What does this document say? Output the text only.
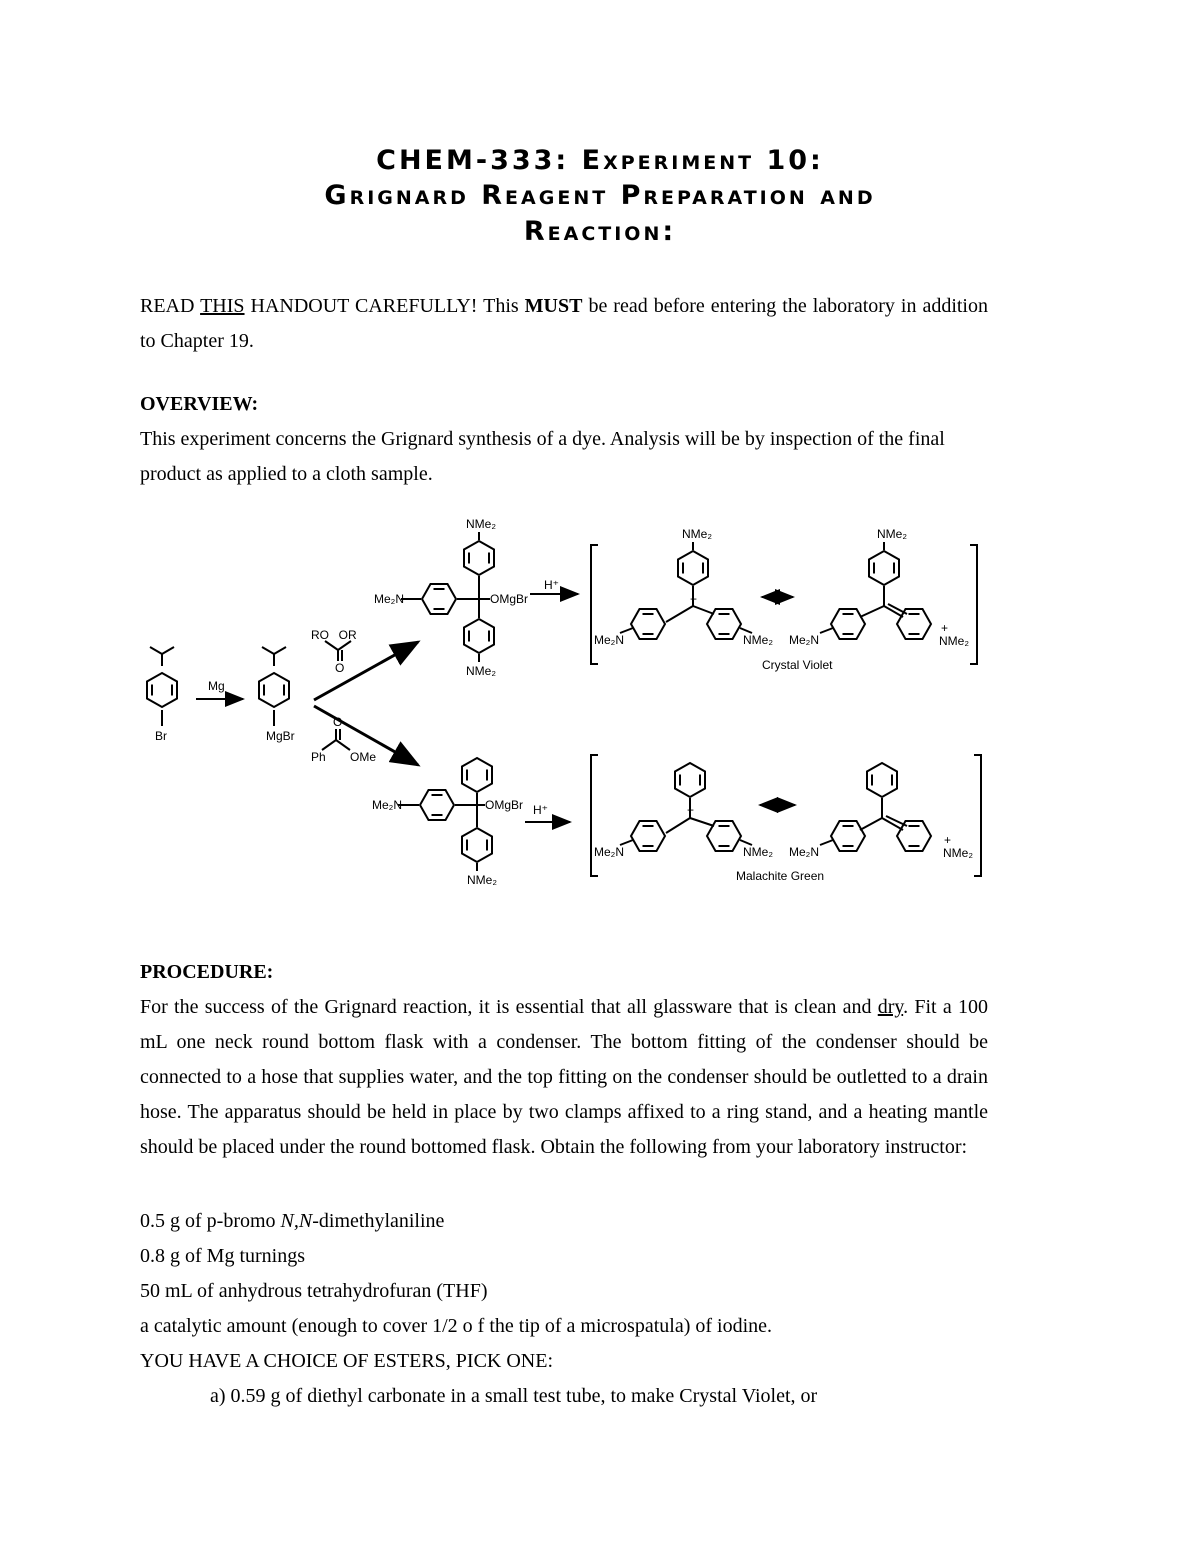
CHEM-333: Experiment 10:
Grignard Reagent Preparation and
Reaction:
READ THIS HANDOUT CAREFULLY! This MUST be read before entering the laboratory in addition to Chapter 19.
OVERVIEW:
This experiment concerns the Grignard synthesis of a dye. Analysis will be by inspection of the final product as applied to a cloth sample.
Br
Mg
MgBr
RO    OR
O
Ph OMe
O
NMe₂
Me₂N	OMgBr
NMe₂
H⁺
NMe₂
Me₂N	NMe₂
+
NMe₂
Me₂N	NMe₂
+
Crystal Violet
Me₂N	OMgBr
NMe₂
H⁺
Me₂N	NMe₂
+
Me₂N	NMe₂
+
Malachite Green
PROCEDURE:
For the success of the Grignard reaction, it is essential that all glassware that is clean and dry. Fit a 100 mL one neck round bottom flask with a condenser. The bottom fitting of the condenser should be connected to a hose that supplies water, and the top fitting on the condenser should be outletted to a drain hose. The apparatus should be held in place by two clamps affixed to a ring stand, and a heating mantle should be placed under the round bottomed flask. Obtain the following from your laboratory instructor:
0.5 g of p-bromo N,N-dimethylaniline
0.8 g of Mg turnings
50 mL of anhydrous tetrahydrofuran (THF)
a catalytic amount (enough to cover 1/2 o f the tip of a microspatula) of iodine.
YOU HAVE A CHOICE OF ESTERS, PICK ONE:
a) 0.59 g of diethyl carbonate in a small test tube, to make Crystal Violet, or
